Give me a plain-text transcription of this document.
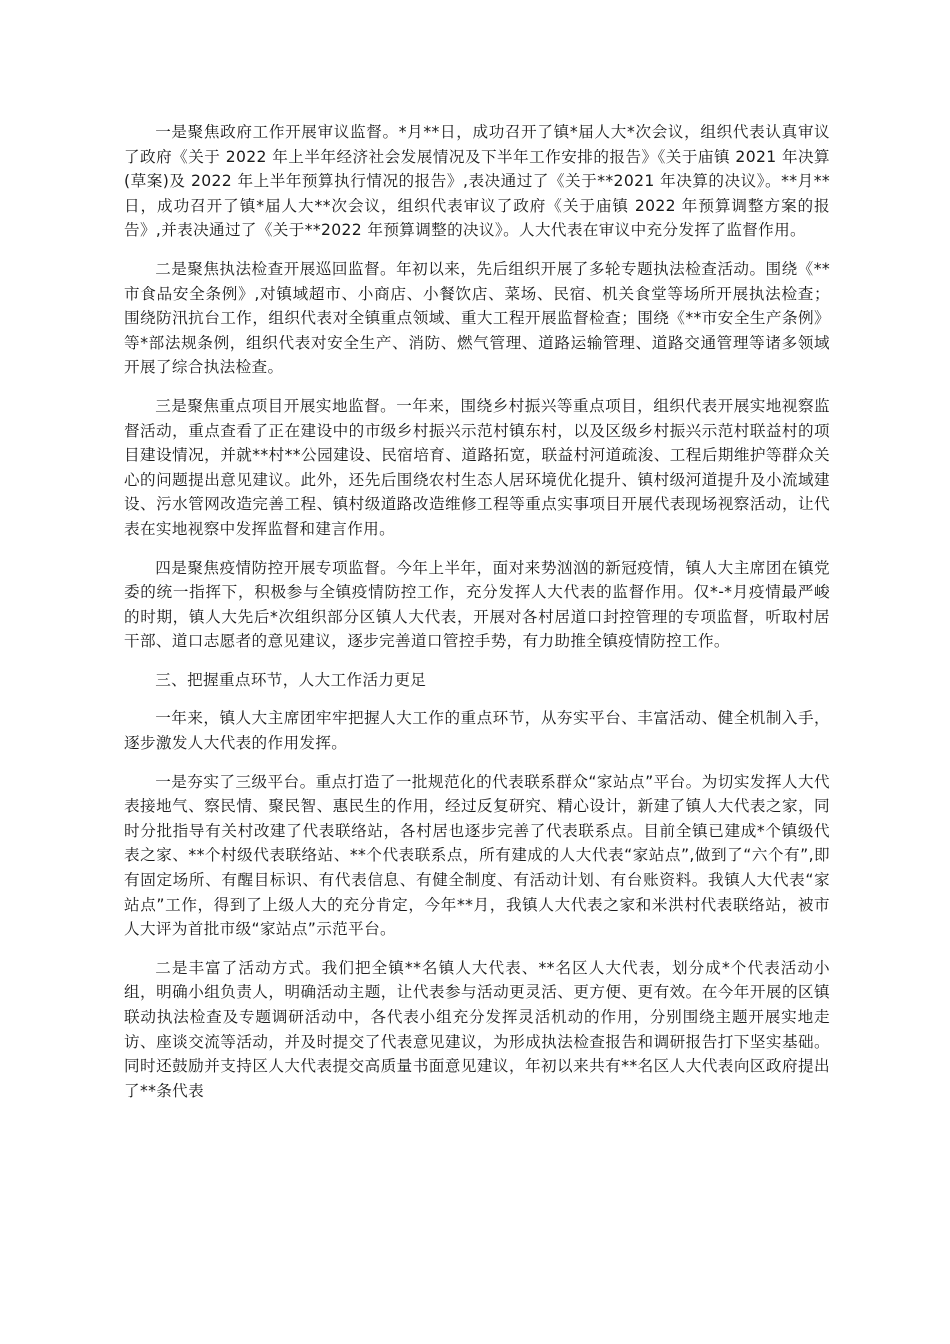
一是聚焦政府工作开展审议监督。*月**日，成功召开了镇*届人大*次会议，组织代表认真审议了政府《关于 2022 年上半年经济社会发展情况及下半年工作安排的报告》《关于庙镇 2021 年决算(草案)及 2022 年上半年预算执行情况的报告》,表决通过了《关于**2021 年决算的决议》。**月**日，成功召开了镇*届人大**次会议，组织代表审议了政府《关于庙镇 2022 年预算调整方案的报告》,并表决通过了《关于**2022 年预算调整的决议》。人大代表在审议中充分发挥了监督作用。

二是聚焦执法检查开展巡回监督。年初以来，先后组织开展了多轮专题执法检查活动。围绕《**市食品安全条例》,对镇域超市、小商店、小餐饮店、菜场、民宿、机关食堂等场所开展执法检查；围绕防汛抗台工作，组织代表对全镇重点领域、重大工程开展监督检查；围绕《**市安全生产条例》等*部法规条例，组织代表对安全生产、消防、燃气管理、道路运输管理、道路交通管理等诸多领域开展了综合执法检查。

三是聚焦重点项目开展实地监督。一年来，围绕乡村振兴等重点项目，组织代表开展实地视察监督活动，重点查看了正在建设中的市级乡村振兴示范村镇东村，以及区级乡村振兴示范村联益村的项目建设情况，并就**村**公园建设、民宿培育、道路拓宽，联益村河道疏浚、工程后期维护等群众关心的问题提出意见建议。此外，还先后围绕农村生态人居环境优化提升、镇村级河道提升及小流域建设、污水管网改造完善工程、镇村级道路改造维修工程等重点实事项目开展代表现场视察活动，让代表在实地视察中发挥监督和建言作用。

四是聚焦疫情防控开展专项监督。今年上半年，面对来势汹汹的新冠疫情，镇人大主席团在镇党委的统一指挥下，积极参与全镇疫情防控工作，充分发挥人大代表的监督作用。仅*-*月疫情最严峻的时期，镇人大先后*次组织部分区镇人大代表，开展对各村居道口封控管理的专项监督，听取村居干部、道口志愿者的意见建议，逐步完善道口管控手势，有力助推全镇疫情防控工作。

三、把握重点环节，人大工作活力更足

一年来，镇人大主席团牢牢把握人大工作的重点环节，从夯实平台、丰富活动、健全机制入手，逐步激发人大代表的作用发挥。

一是夯实了三级平台。重点打造了一批规范化的代表联系群众“家站点”平台。为切实发挥人大代表接地气、察民情、聚民智、惠民生的作用，经过反复研究、精心设计，新建了镇人大代表之家，同时分批指导有关村改建了代表联络站，各村居也逐步完善了代表联系点。目前全镇已建成*个镇级代表之家、**个村级代表联络站、**个代表联系点，所有建成的人大代表“家站点”,做到了“六个有”,即有固定场所、有醒目标识、有代表信息、有健全制度、有活动计划、有台账资料。我镇人大代表“家站点”工作，得到了上级人大的充分肯定，今年**月，我镇人大代表之家和米洪村代表联络站，被市人大评为首批市级“家站点”示范平台。

二是丰富了活动方式。我们把全镇**名镇人大代表、**名区人大代表，划分成*个代表活动小组，明确小组负责人，明确活动主题，让代表参与活动更灵活、更方便、更有效。在今年开展的区镇联动执法检查及专题调研活动中，各代表小组充分发挥灵活机动的作用，分别围绕主题开展实地走访、座谈交流等活动，并及时提交了代表意见建议，为形成执法检查报告和调研报告打下坚实基础。同时还鼓励并支持区人大代表提交高质量书面意见建议，年初以来共有**名区人大代表向区政府提出了**条代表
